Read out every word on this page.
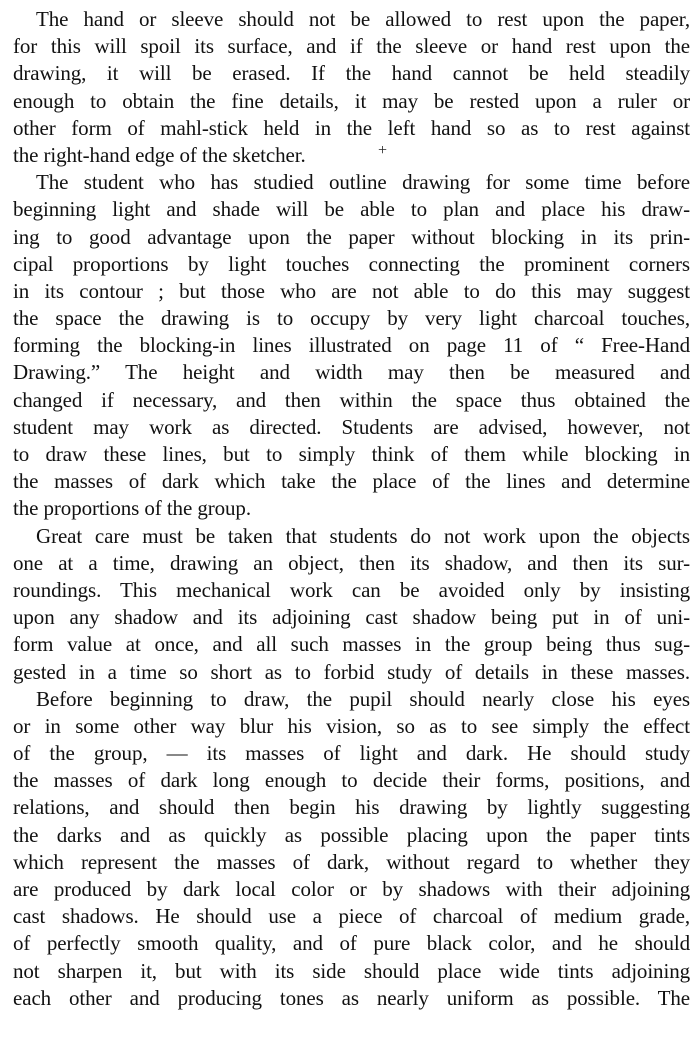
The hand or sleeve should not be allowed to rest upon the paper,
for this will spoil its surface, and if the sleeve or hand rest upon the
drawing, it will be erased. If the hand cannot be held steadily
enough to obtain the fine details, it may be rested upon a ruler or
other form of mahl-stick held in the left hand so as to rest against
the right-hand edge of the sketcher.
The student who has studied outline drawing for some time before
beginning light and shade will be able to plan and place his draw-
ing to good advantage upon the paper without blocking in its prin-
cipal proportions by light touches connecting the prominent corners
in its contour ; but those who are not able to do this may suggest
the space the drawing is to occupy by very light charcoal touches,
forming the blocking-in lines illustrated on page 11 of “ Free-Hand
Drawing.” The height and width may then be measured and
changed if necessary, and then within the space thus obtained the
student may work as directed. Students are advised, however, not
to draw these lines, but to simply think of them while blocking in
the masses of dark which take the place of the lines and determine
the proportions of the group.
Great care must be taken that students do not work upon the objects
one at a time, drawing an object, then its shadow, and then its sur-
roundings. This mechanical work can be avoided only by insisting
upon any shadow and its adjoining cast shadow being put in of uni-
form value at once, and all such masses in the group being thus sug-
gested in a time so short as to forbid study of details in these masses.
Before beginning to draw, the pupil should nearly close his eyes
or in some other way blur his vision, so as to see simply the effect
of the group, — its masses of light and dark. He should study
the masses of dark long enough to decide their forms, positions, and
relations, and should then begin his drawing by lightly suggesting
the darks and as quickly as possible placing upon the paper tints
which represent the masses of dark, without regard to whether they
are produced by dark local color or by shadows with their adjoining
cast shadows. He should use a piece of charcoal of medium grade,
of perfectly smooth quality, and of pure black color, and he should
not sharpen it, but with its side should place wide tints adjoining
each other and producing tones as nearly uniform as possible. The
+
